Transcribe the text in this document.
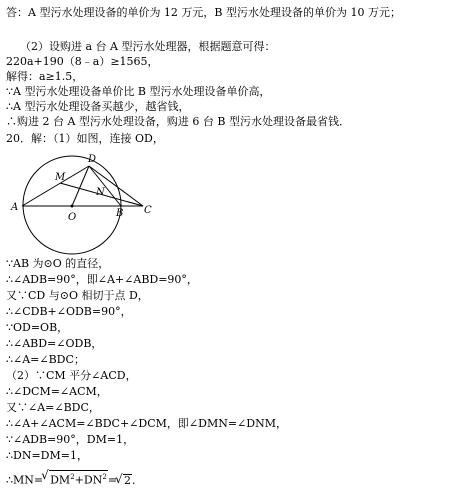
答：A 型污水处理设备的单价为 12 万元，B 型污水处理设备的单价为 10 万元；
（2）设购进 a 台 A 型污水处理器，根据题意可得：
220a+190（8﹣a）≥1565，
解得：a≥1.5，
∵A 型污水处理设备单价比 B 型污水处理设备单价高，
∴A 型污水处理设备买越少，越省钱，
∴购进 2 台 A 型污水处理设备，购进 6 台 B 型污水处理设备最省钱．
20．解：（1）如图，连接 OD，
A
D
M
N
O	B C
∵AB 为⊙O 的直径，
∴∠ADB=90°，即∠A+∠ABD=90°，
又∵CD 与⊙O 相切于点 D，
∴∠CDB+∠ODB=90°，
∵OD=OB，
∴∠ABD=∠ODB，
∴∠A=∠BDC；
（2）∵CM 平分∠ACD，
∴∠DCM=∠ACM，
又∵∠A=∠BDC，
∴∠A+∠ACM=∠BDC+∠DCM，即∠DMN=∠DNM，
∵∠ADB=90°，DM=1，
∴DN=DM=1，
∴MN=√ $DM^2+DN^2=√$ 2．
